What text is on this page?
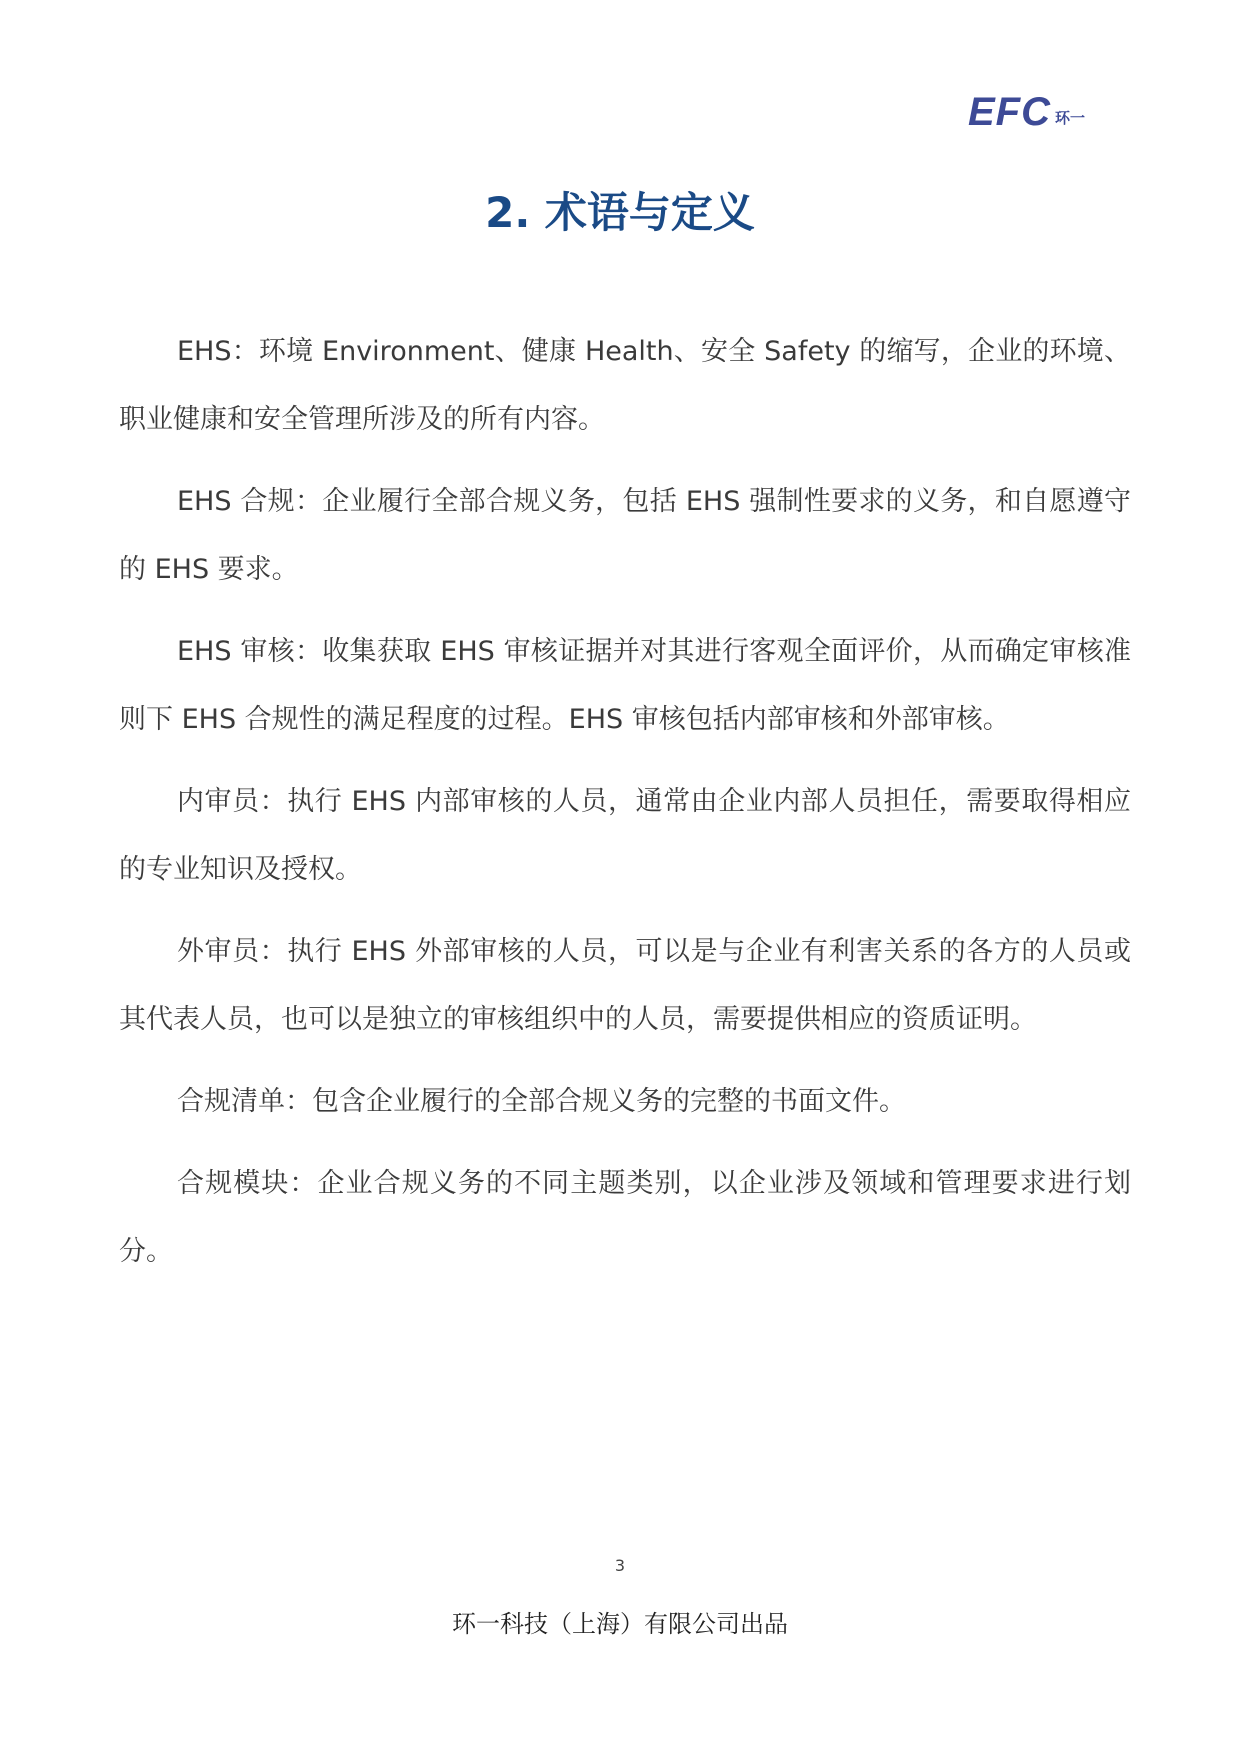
EFC 环一
2. 术语与定义

EHS：环境 Environment、健康 Health、安全 Safety 的缩写，企业的环境、职业健康和安全管理所涉及的所有内容。

EHS 合规：企业履行全部合规义务，包括 EHS 强制性要求的义务，和自愿遵守的 EHS 要求。

EHS 审核：收集获取 EHS 审核证据并对其进行客观全面评价，从而确定审核准则下 EHS 合规性的满足程度的过程。EHS 审核包括内部审核和外部审核。

内审员：执行 EHS 内部审核的人员，通常由企业内部人员担任，需要取得相应的专业知识及授权。

外审员：执行 EHS 外部审核的人员，可以是与企业有利害关系的各方的人员或其代表人员，也可以是独立的审核组织中的人员，需要提供相应的资质证明。

合规清单：包含企业履行的全部合规义务的完整的书面文件。

合规模块：企业合规义务的不同主题类别，以企业涉及领域和管理要求进行划分。

3
环一科技（上海）有限公司出品
